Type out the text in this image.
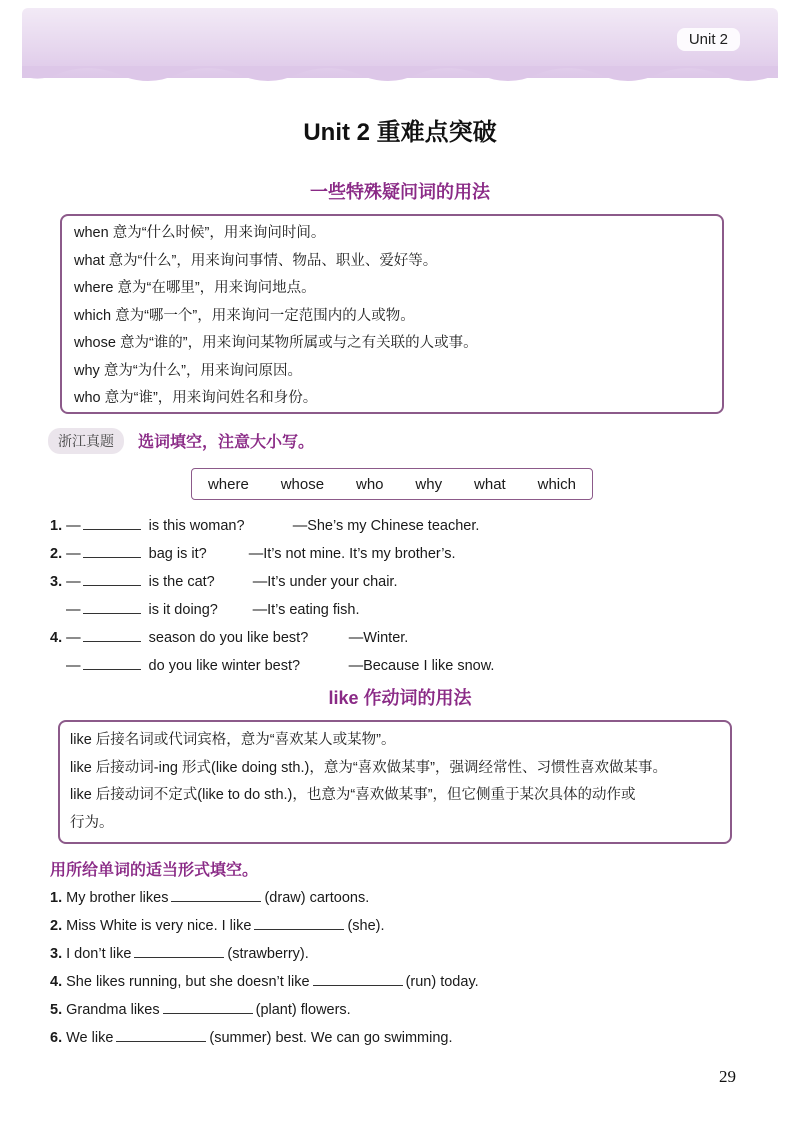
Unit 2
Unit 2 重难点突破
一些特殊疑问词的用法
when 意为“什么时候”，用来询问时间。
what 意为“什么”，用来询问事情、物品、职业、爱好等。
where 意为“在哪里”，用来询问地点。
which 意为“哪一个”，用来询问一定范围内的人或物。
whose 意为“谁的”，用来询问某物所属或与之有关联的人或事。
why 意为“为什么”，用来询问原因。
who 意为“谁”，用来询问姓名和身份。
浙江真题	选词填空，注意大小写。
where whose who why what which
1. —	is this woman?	—She’s my Chinese teacher.
2. —	bag is it?	—It’s not mine. It’s my brother’s.
3. —	is the cat?	—It’s under your chair.
—	is it doing? —It’s eating fish.
4. —	season do you like best?	—Winter.
—	do you like winter best?	—Because I like snow.
like 作动词的用法
like 后接名词或代词宾格，意为“喜欢某人或某物”。
like 后接动词-ing 形式(like doing sth.)，意为“喜欢做某事”，强调经常性、习惯性喜欢做某事。
like 后接动词不定式(like to do sth.)，也意为“喜欢做某事”，但它侧重于某次具体的动作或
行为。
用所给单词的适当形式填空。
1. My brother likes	(draw) cartoons.
2. Miss White is very nice. I like	(she).
3. I don’t like	(strawberry).
4. She likes running, but she doesn’t like	(run) today.
5. Grandma likes	(plant) flowers.
6. We like	(summer) best. We can go swimming.
29
